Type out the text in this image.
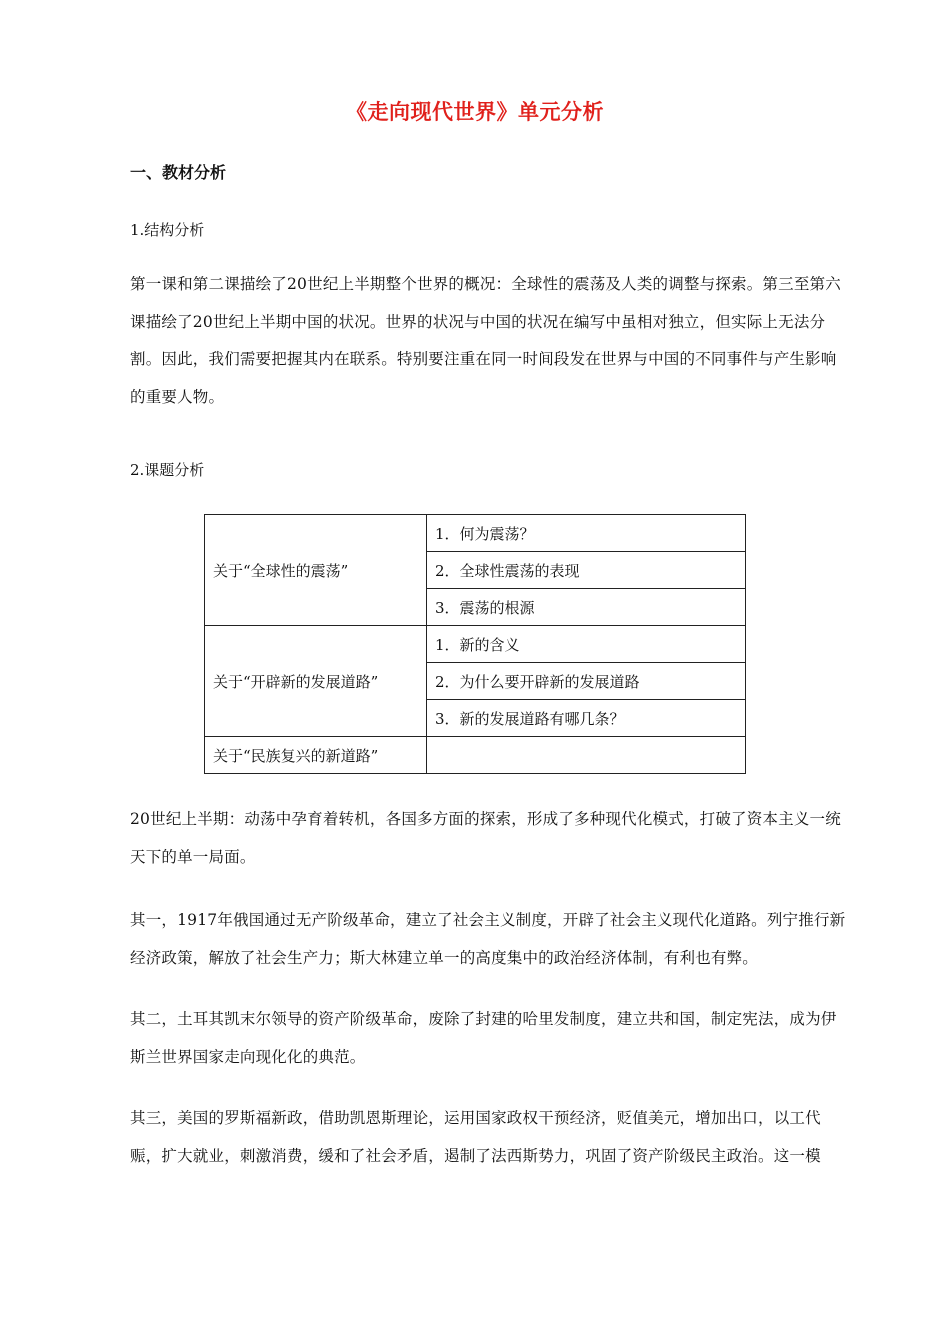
《走向现代世界》单元分析
一、教材分析
1.结构分析
第一课和第二课描绘了20世纪上半期整个世界的概况：全球性的震荡及人类的调整与探索。第三至第六课描绘了20世纪上半期中国的状况。世界的状况与中国的状况在编写中虽相对独立，但实际上无法分割。因此，我们需要把握其内在联系。特别要注重在同一时间段发在世界与中国的不同事件与产生影响的重要人物。
2.课题分析
关于“全球性的震荡”	1．何为震荡？
	2．全球性震荡的表现
	3．震荡的根源
关于“开辟新的发展道路”	1．新的含义
	2．为什么要开辟新的发展道路
	3．新的发展道路有哪几条？
关于“民族复兴的新道路”	
20世纪上半期：动荡中孕育着转机，各国多方面的探索，形成了多种现代化模式，打破了资本主义一统天下的单一局面。
其一，1917年俄国通过无产阶级革命，建立了社会主义制度，开辟了社会主义现代化道路。列宁推行新经济政策，解放了社会生产力；斯大林建立单一的高度集中的政治经济体制，有利也有弊。
其二，土耳其凯末尔领导的资产阶级革命，废除了封建的哈里发制度，建立共和国，制定宪法，成为伊斯兰世界国家走向现化化的典范。
其三，美国的罗斯福新政，借助凯恩斯理论，运用国家政权干预经济，贬值美元，增加出口，以工代赈，扩大就业，刺激消费，缓和了社会矛盾，遏制了法西斯势力，巩固了资产阶级民主政治。这一模
